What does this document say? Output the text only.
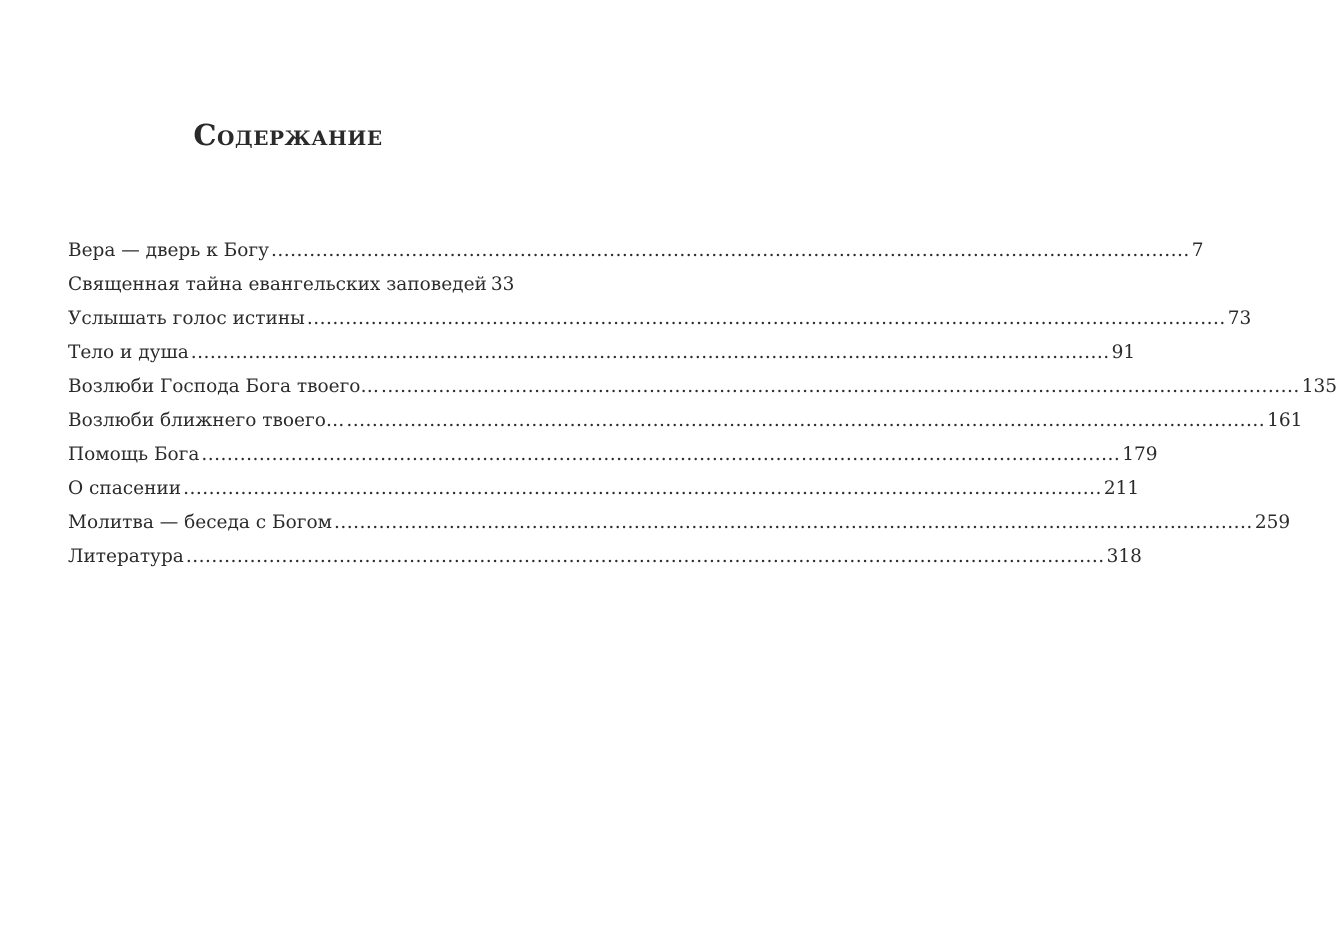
Содержание
Вера — дверь к Богу .....	7
Священная тайна евангельских заповедей 33
Услышать голос истины .....	73
Тело и душа .....	91
Возлюби Господа Бога твоего… .....	135
Возлюби ближнего твоего… .....	161
Помощь Бога .....	179
О спасении .....	211
Молитва — беседа с Богом .....	259
Литература .....	318
